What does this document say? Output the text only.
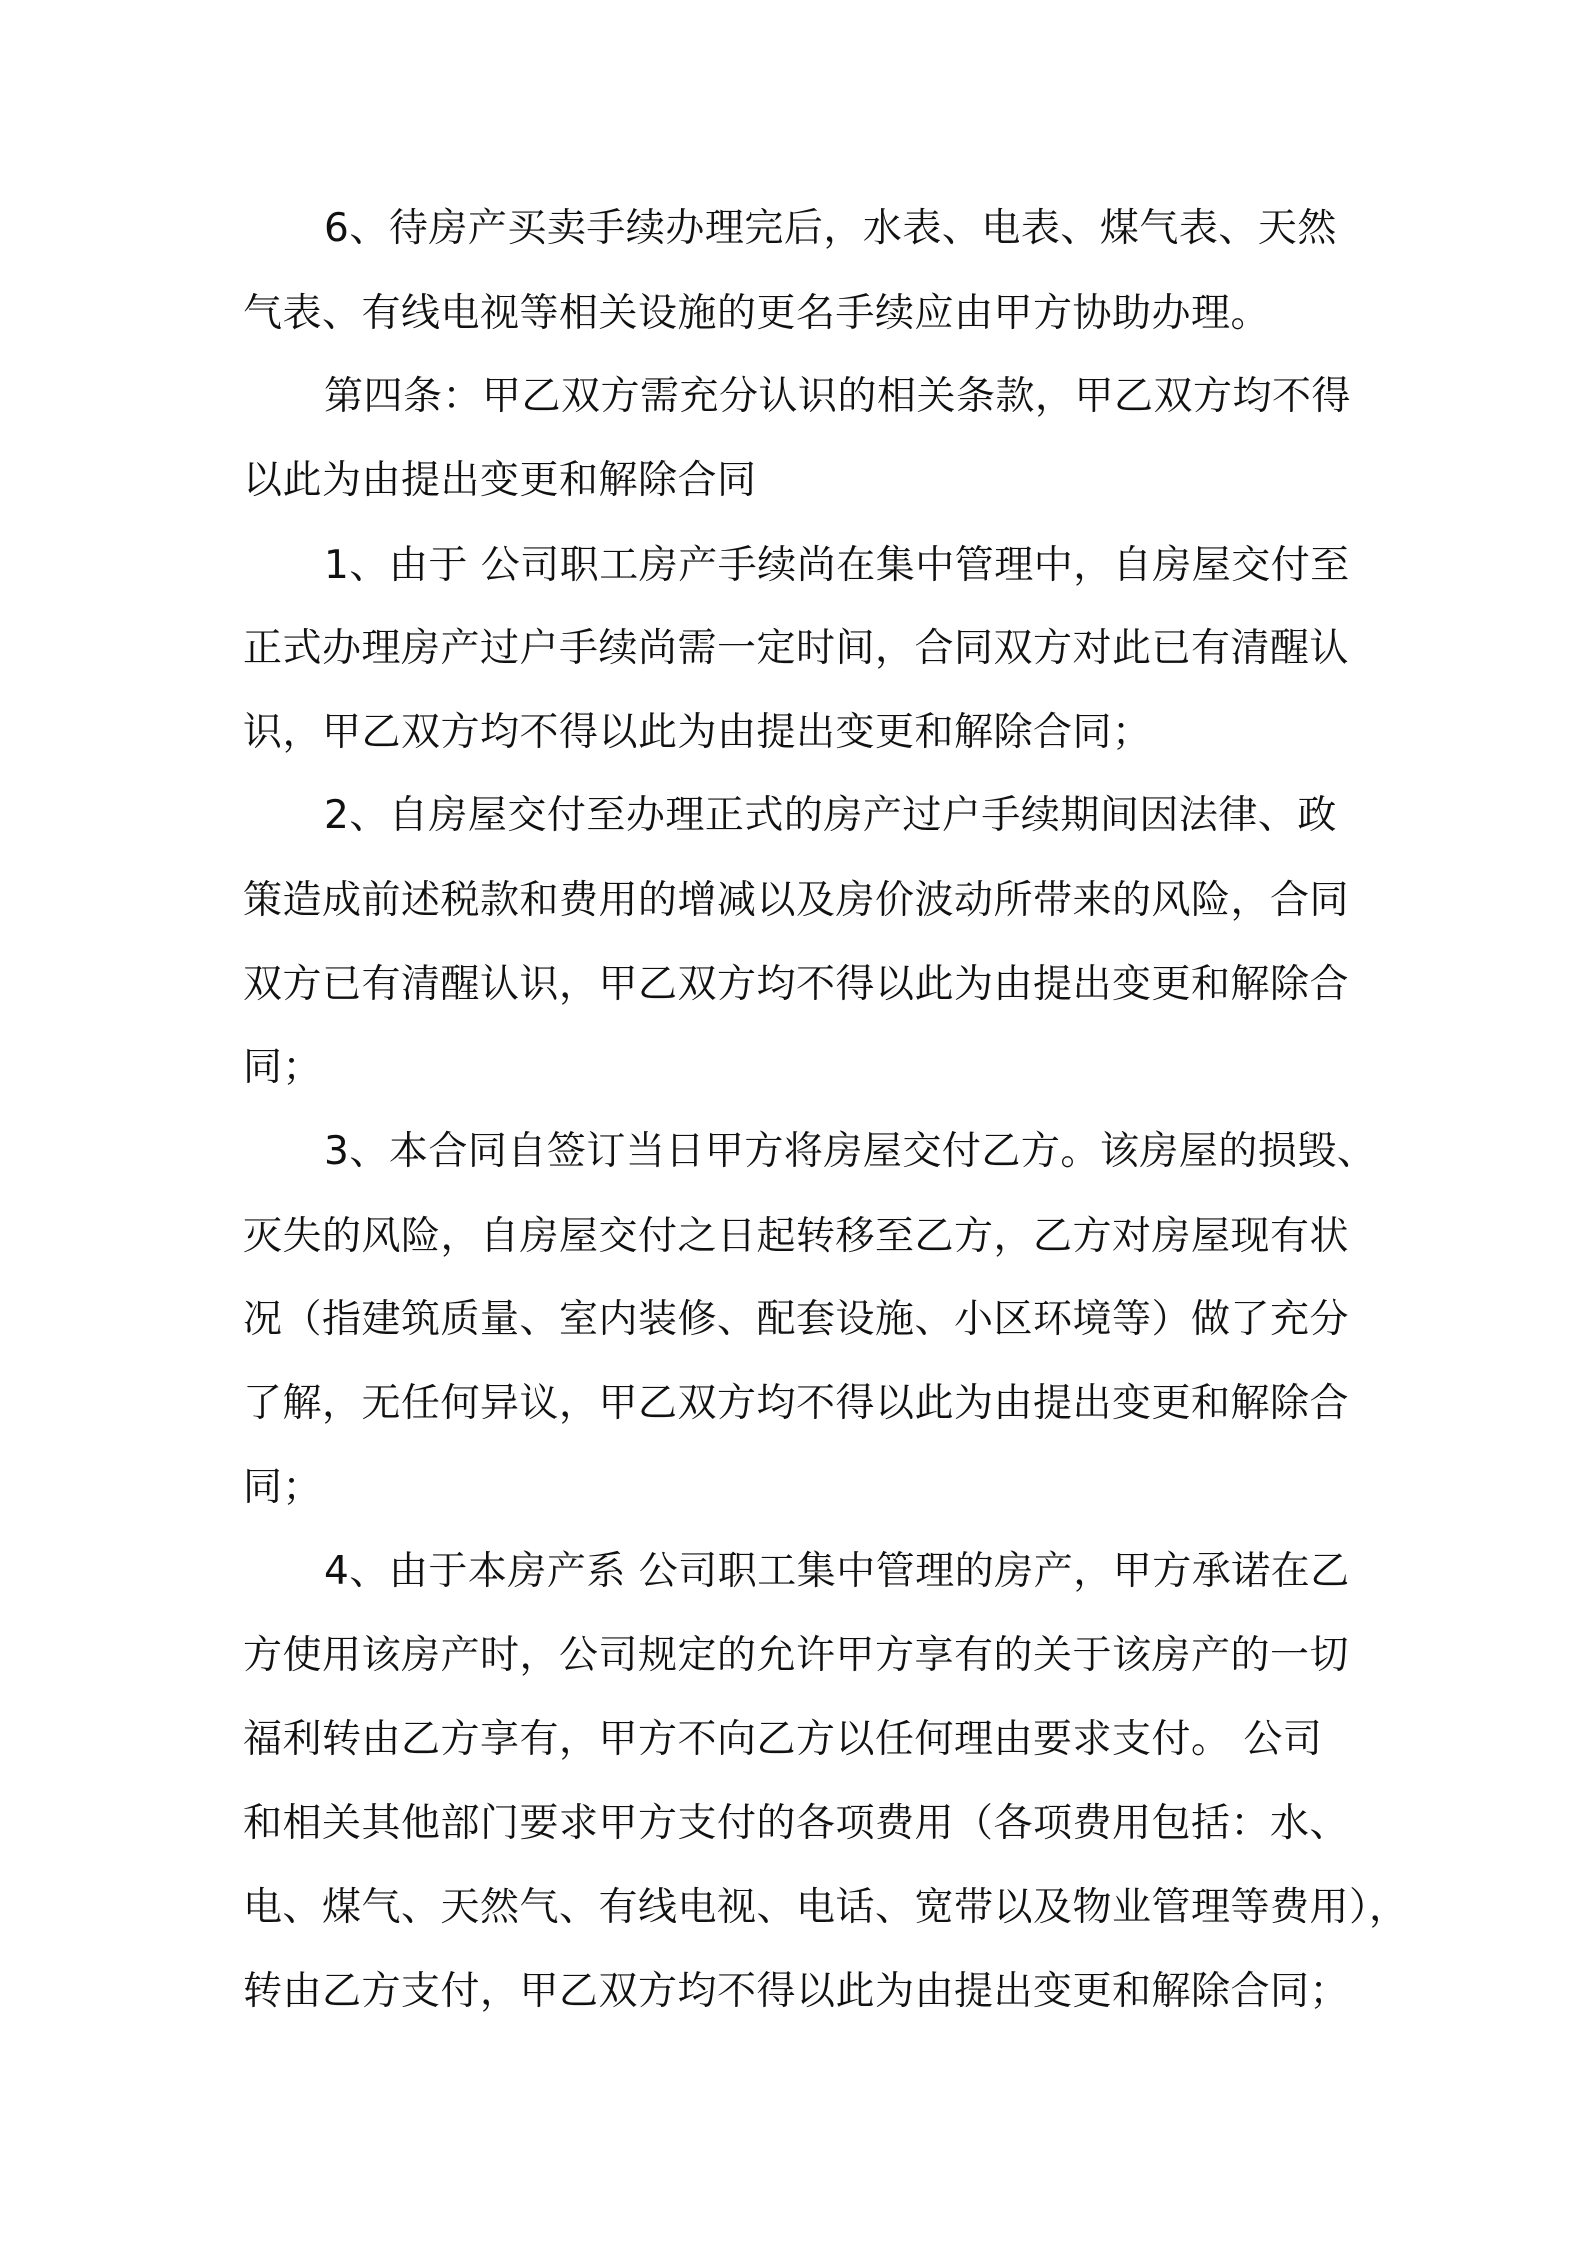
6、待房产买卖手续办理完后，水表、电表、煤气表、天然
气表、有线电视等相关设施的更名手续应由甲方协助办理。
第四条：甲乙双方需充分认识的相关条款，甲乙双方均不得
以此为由提出变更和解除合同
1、由于 公司职工房产手续尚在集中管理中，自房屋交付至
正式办理房产过户手续尚需一定时间，合同双方对此已有清醒认
识，甲乙双方均不得以此为由提出变更和解除合同；
2、自房屋交付至办理正式的房产过户手续期间因法律、政
策造成前述税款和费用的增减以及房价波动所带来的风险，合同
双方已有清醒认识，甲乙双方均不得以此为由提出变更和解除合
同；
3、本合同自签订当日甲方将房屋交付乙方。该房屋的损毁、
灭失的风险，自房屋交付之日起转移至乙方，乙方对房屋现有状
况（指建筑质量、室内装修、配套设施、小区环境等）做了充分
了解，无任何异议，甲乙双方均不得以此为由提出变更和解除合
同；
4、由于本房产系 公司职工集中管理的房产，甲方承诺在乙
方使用该房产时，公司规定的允许甲方享有的关于该房产的一切
福利转由乙方享有，甲方不向乙方以任何理由要求支付。 公司
和相关其他部门要求甲方支付的各项费用（各项费用包括：水、
电、煤气、天然气、有线电视、电话、宽带以及物业管理等费用），
转由乙方支付，甲乙双方均不得以此为由提出变更和解除合同；
